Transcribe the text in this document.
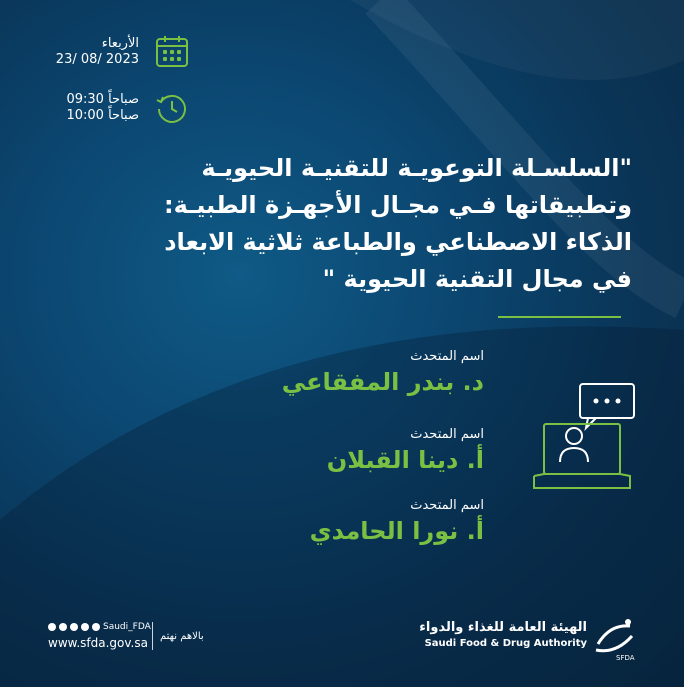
الأربعاء
23/ 08/ 2023
09:30 صباحاً
10:00 صباحاً
"السلسـلة التوعويـة للتقنيـة الحيويـة
وتطبيقاتها فـي مجـال الأجهـزة الطبيـة:
الذكاء الاصطناعي والطباعة ثلاثية الابعاد
في مجال التقنية الحيوية "
اسم المتحدث
د. بندر المفقاعي
اسم المتحدث
أ. دينا القبلان
اسم المتحدث
أ. نورا الحامدي
Saudi_FDA
www.sfda.gov.sa بالاهم نهتم
الهيئة العامة للغذاء والدواء
Saudi Food & Drug Authority
SFDA
